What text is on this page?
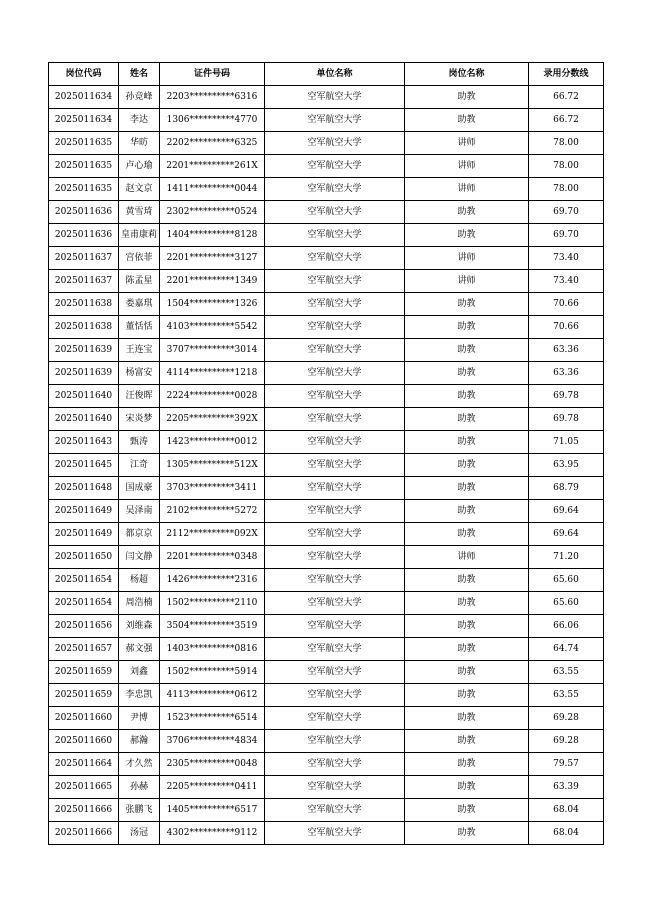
岗位代码	姓名	证件号码	单位名称	岗位名称	录用分数线
2025011634	孙竞峰	2203**********6316	空军航空大学	助教	66.72
2025011634	李达	1306**********4770	空军航空大学	助教	66.72
2025011635	华昉	2202**********6325	空军航空大学	讲师	78.00
2025011635	卢心瑜	2201**********261X	空军航空大学	讲师	78.00
2025011635	赵文京	1411**********0044	空军航空大学	讲师	78.00
2025011636	黄雪琦	2302**********0524	空军航空大学	助教	69.70
2025011636	皇甫康莉	1404**********8128	空军航空大学	助教	69.70
2025011637	宫依菲	2201**********3127	空军航空大学	讲师	73.40
2025011637	陈孟星	2201**********1349	空军航空大学	讲师	73.40
2025011638	娄嘉琪	1504**********1326	空军航空大学	助教	70.66
2025011638	董恬恬	4103**********5542	空军航空大学	助教	70.66
2025011639	王连宝	3707**********3014	空军航空大学	助教	63.36
2025011639	杨富安	4114**********1218	空军航空大学	助教	63.36
2025011640	汪俊晖	2224**********0028	空军航空大学	助教	69.78
2025011640	宋炎梦	2205**********392X	空军航空大学	助教	69.78
2025011643	甄涛	1423**********0012	空军航空大学	助教	71.05
2025011645	江奇	1305**********512X	空军航空大学	助教	63.95
2025011648	国成豪	3703**********3411	空军航空大学	助教	68.79
2025011649	吴泽南	2102**********5272	空军航空大学	助教	69.64
2025011649	都京京	2112**********092X	空军航空大学	助教	69.64
2025011650	闫文静	2201**********0348	空军航空大学	讲师	71.20
2025011654	杨超	1426**********2316	空军航空大学	助教	65.60
2025011654	周浩楠	1502**********2110	空军航空大学	助教	65.60
2025011656	刘维森	3504**********3519	空军航空大学	助教	66.06
2025011657	郝文强	1403**********0816	空军航空大学	助教	64.74
2025011659	刘鑫	1502**********5914	空军航空大学	助教	63.55
2025011659	李忠凯	4113**********0612	空军航空大学	助教	63.55
2025011660	尹博	1523**********6514	空军航空大学	助教	69.28
2025011660	郝瀚	3706**********4834	空军航空大学	助教	69.28
2025011664	才久然	2305**********0048	空军航空大学	助教	79.57
2025011665	孙赫	2205**********0411	空军航空大学	助教	63.39
2025011666	张鹏飞	1405**********6517	空军航空大学	助教	68.04
2025011666	汤冠	4302**********9112	空军航空大学	助教	68.04
